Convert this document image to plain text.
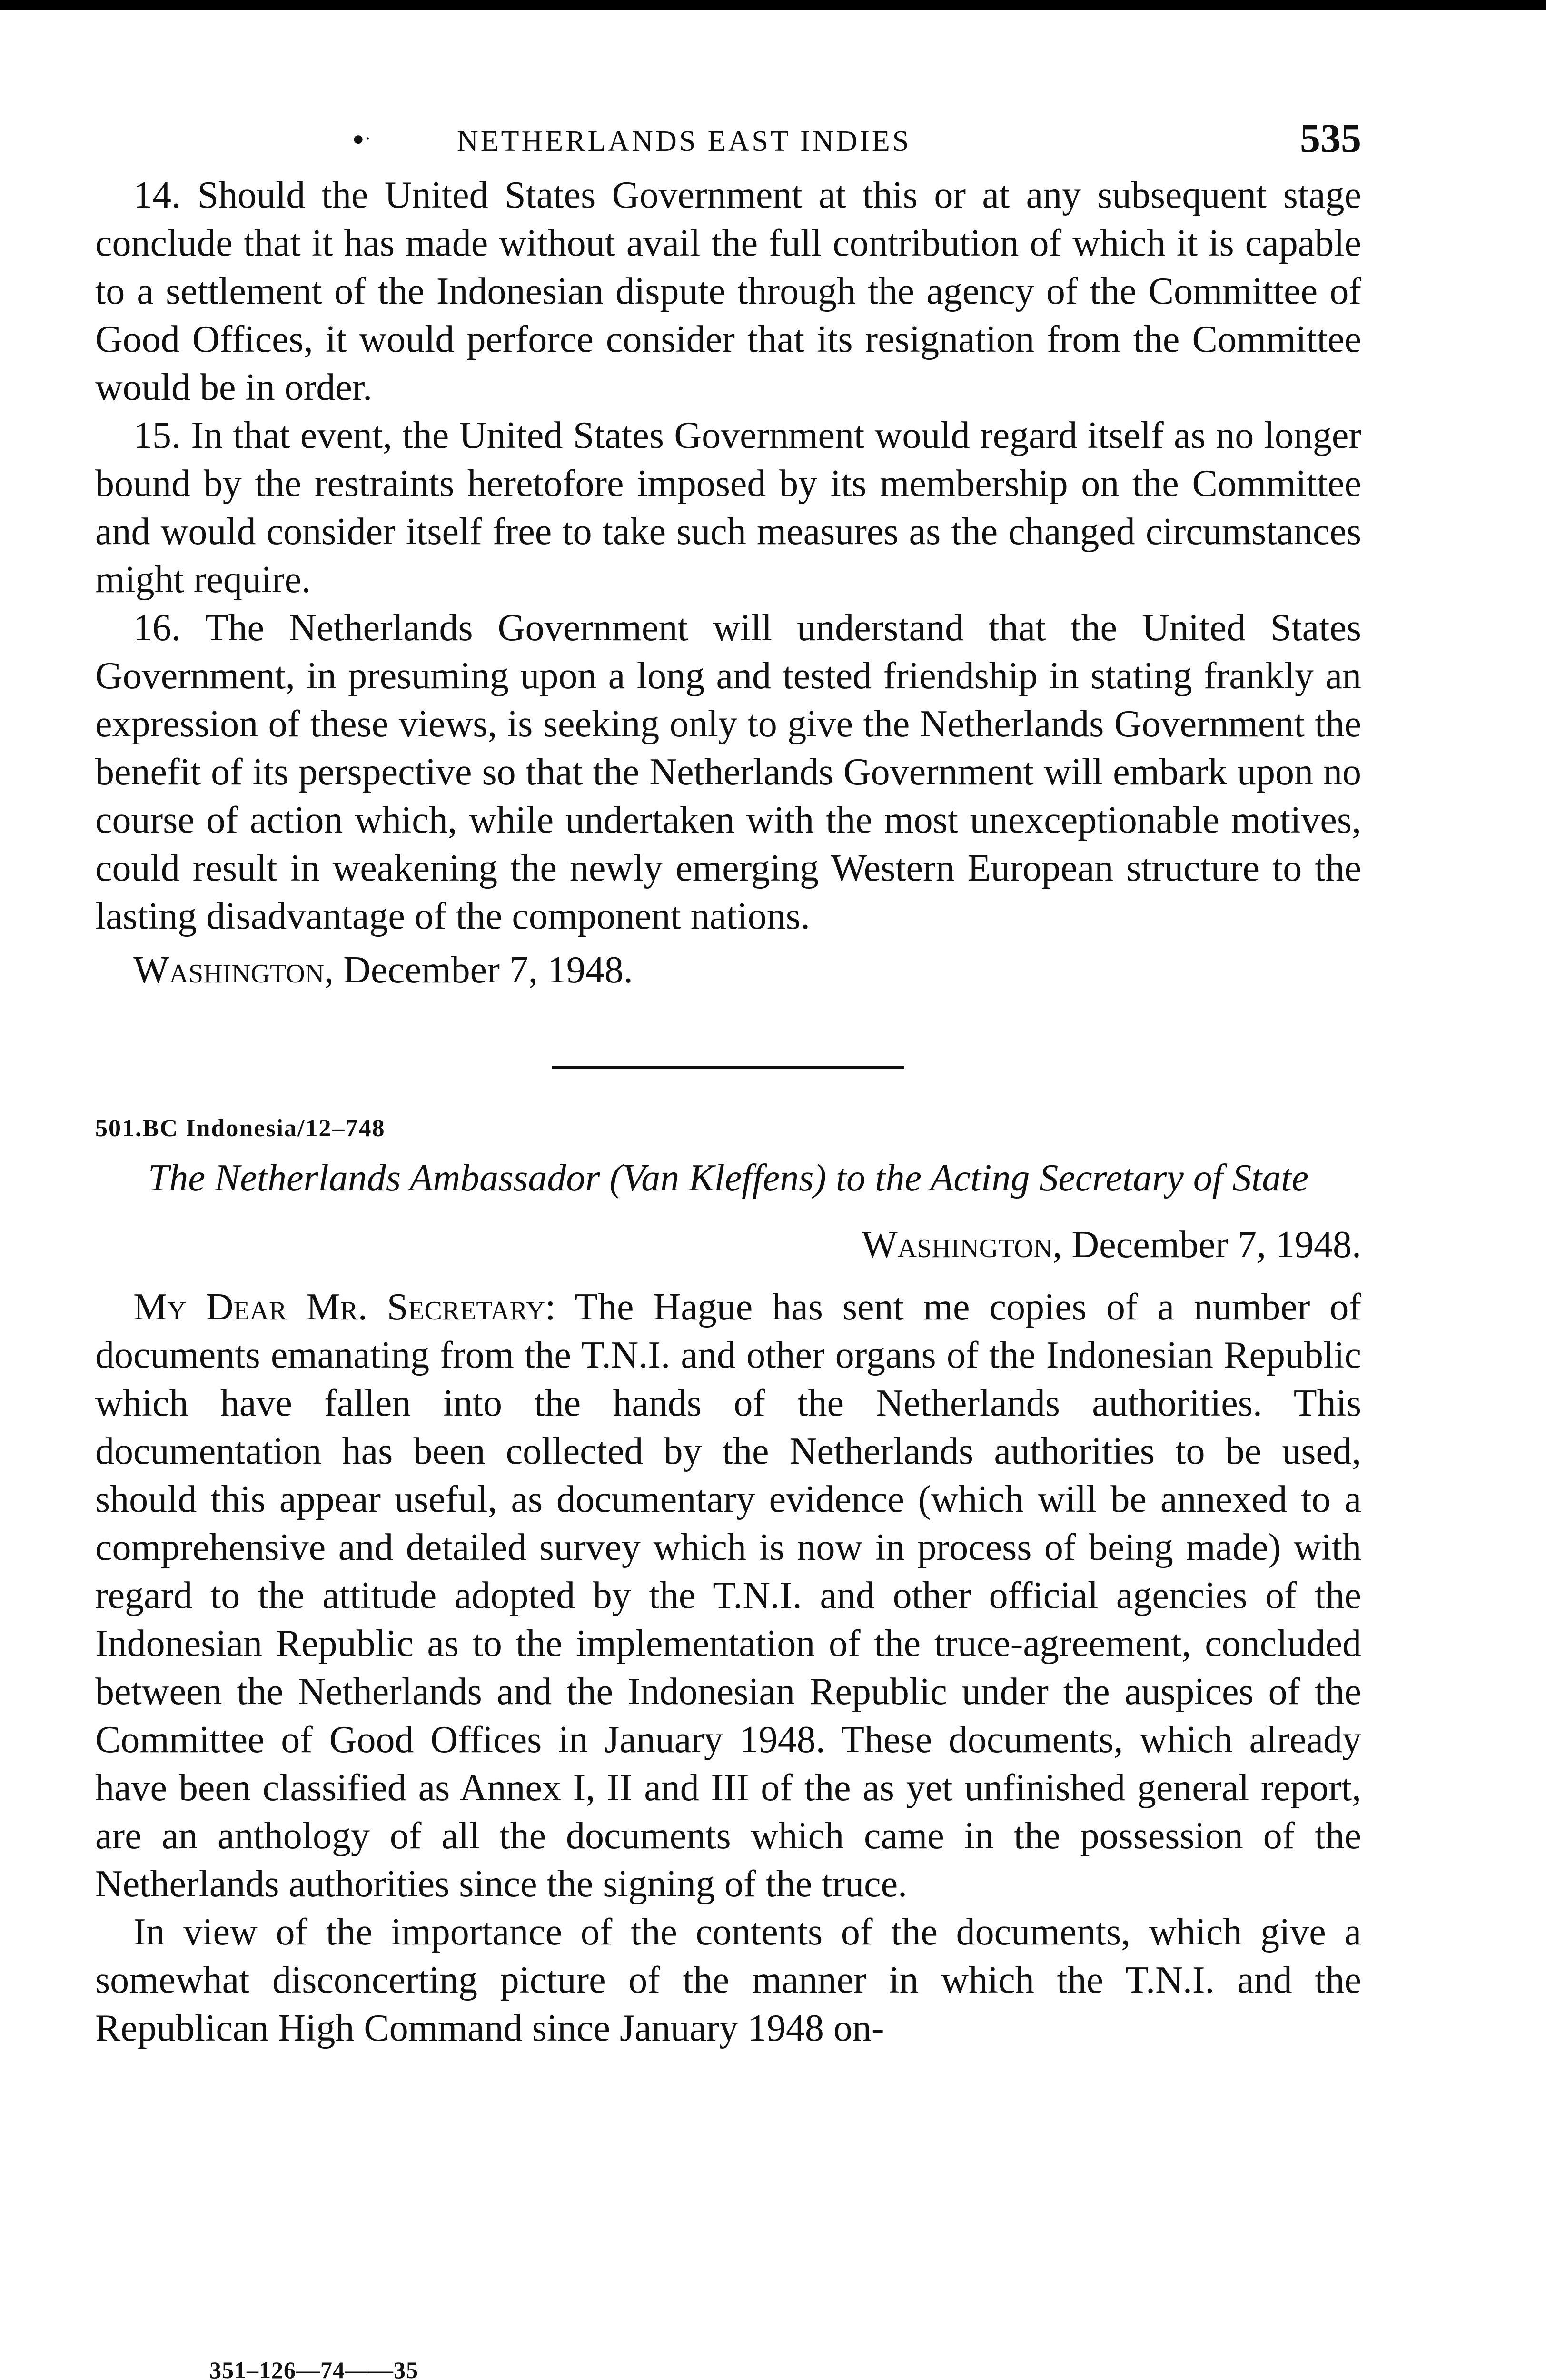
●·	NETHERLANDS EAST INDIES	535

14. Should the United States Government at this or at any subsequent stage conclude that it has made without avail the full contribution of which it is capable to a settlement of the Indonesian dispute through the agency of the Committee of Good Offices, it would perforce consider that its resignation from the Committee would be in order.

15. In that event, the United States Government would regard itself as no longer bound by the restraints heretofore imposed by its membership on the Committee and would consider itself free to take such measures as the changed circumstances might require.

16. The Netherlands Government will understand that the United States Government, in presuming upon a long and tested friendship in stating frankly an expression of these views, is seeking only to give the Netherlands Government the benefit of its perspective so that the Netherlands Government will embark upon no course of action which, while undertaken with the most unexceptionable motives, could result in weakening the newly emerging Western European structure to the lasting disadvantage of the component nations.

Washington, December 7, 1948.

501.BC Indonesia/12–748
The Netherlands Ambassador (Van Kleffens) to the Acting Secretary of State
Washington, December 7, 1948.

My Dear Mr. Secretary: The Hague has sent me copies of a number of documents emanating from the T.N.I. and other organs of the Indonesian Republic which have fallen into the hands of the Netherlands authorities. This documentation has been collected by the Netherlands authorities to be used, should this appear useful, as documentary evidence (which will be annexed to a comprehensive and detailed survey which is now in process of being made) with regard to the attitude adopted by the T.N.I. and other official agencies of the Indonesian Republic as to the implementation of the truce-agreement, concluded between the Netherlands and the Indonesian Republic under the auspices of the Committee of Good Offices in January 1948. These documents, which already have been classified as Annex I, II and III of the as yet unfinished general report, are an anthology of all the documents which came in the possession of the Netherlands authorities since the signing of the truce.

In view of the importance of the contents of the documents, which give a somewhat disconcerting picture of the manner in which the T.N.I. and the Republican High Command since January 1948 on-

351–126—74——35
